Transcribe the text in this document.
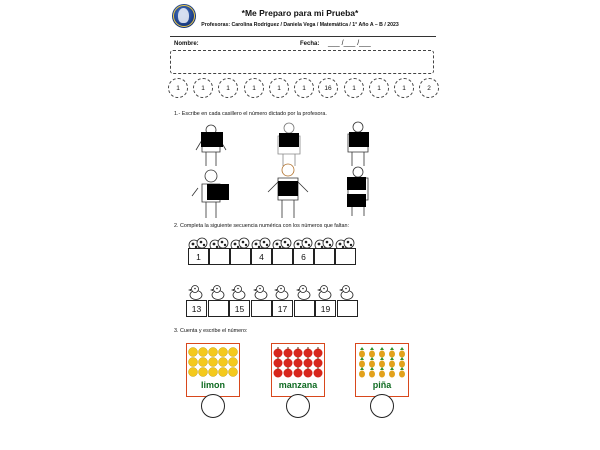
*Me Preparo para mi Prueba*
Profesoras: Carolina Rodríguez / Daniela Vega / Matemática / 1° Año A – B / 2023
Nombre:	Fecha: ___ /___ /___
1	1	1	1	1	1	16	1	1	1	2
1.- Escribe en cada casillero el número dictado por la profesora.
2. Completa la siguiente secuencia numérica con los números que faltan:
1	4	6
13	15	17	19
3. Cuenta y escribe el número:
limon	manzana	piña
